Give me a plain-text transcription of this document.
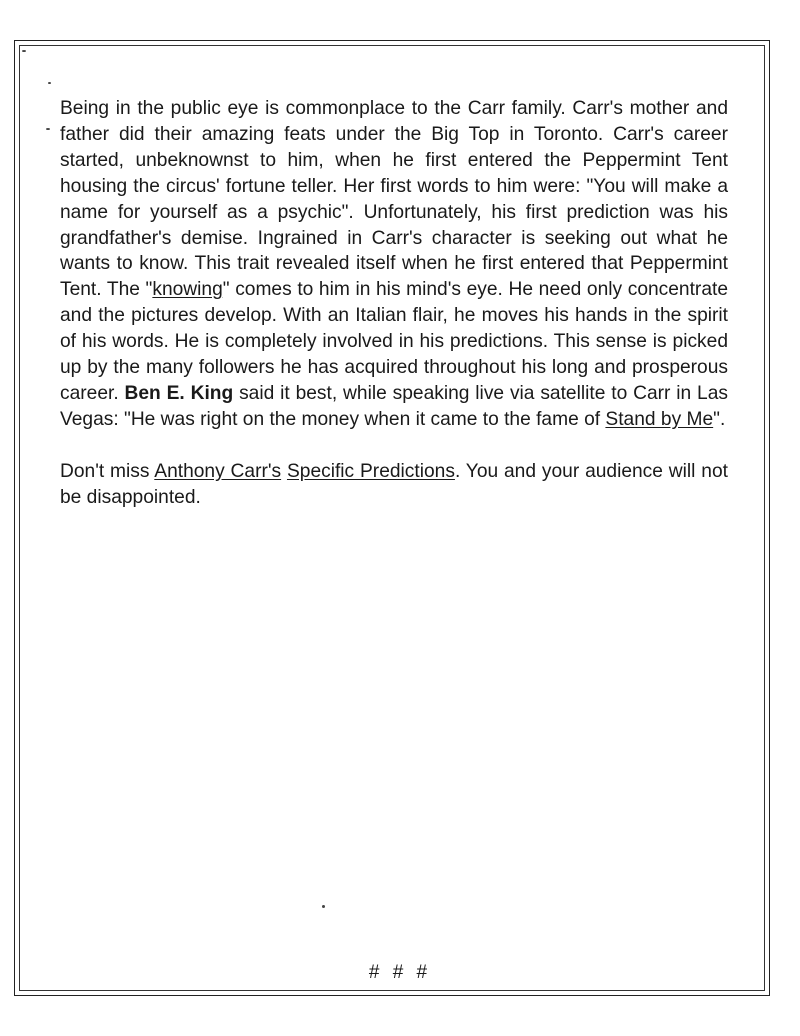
Being in the public eye is commonplace to the Carr family. Carr's mother and father did their amazing feats under the Big Top in Toronto. Carr's career started, unbeknownst to him, when he first entered the Peppermint Tent housing the circus' fortune teller. Her first words to him were: "You will make a name for yourself as a psychic". Unfortunately, his first prediction was his grandfather's demise. Ingrained in Carr's character is seeking out what he wants to know. This trait revealed itself when he first entered that Peppermint Tent. The "knowing" comes to him in his mind's eye. He need only concentrate and the pictures develop. With an Italian flair, he moves his hands in the spirit of his words. He is completely involved in his predictions. This sense is picked up by the many followers he has acquired throughout his long and prosperous career. Ben E. King said it best, while speaking live via satellite to Carr in Las Vegas: "He was right on the money when it came to the fame of Stand by Me".

Don't miss Anthony Carr's Specific Predictions. You and your audience will not be disappointed.

# # #
